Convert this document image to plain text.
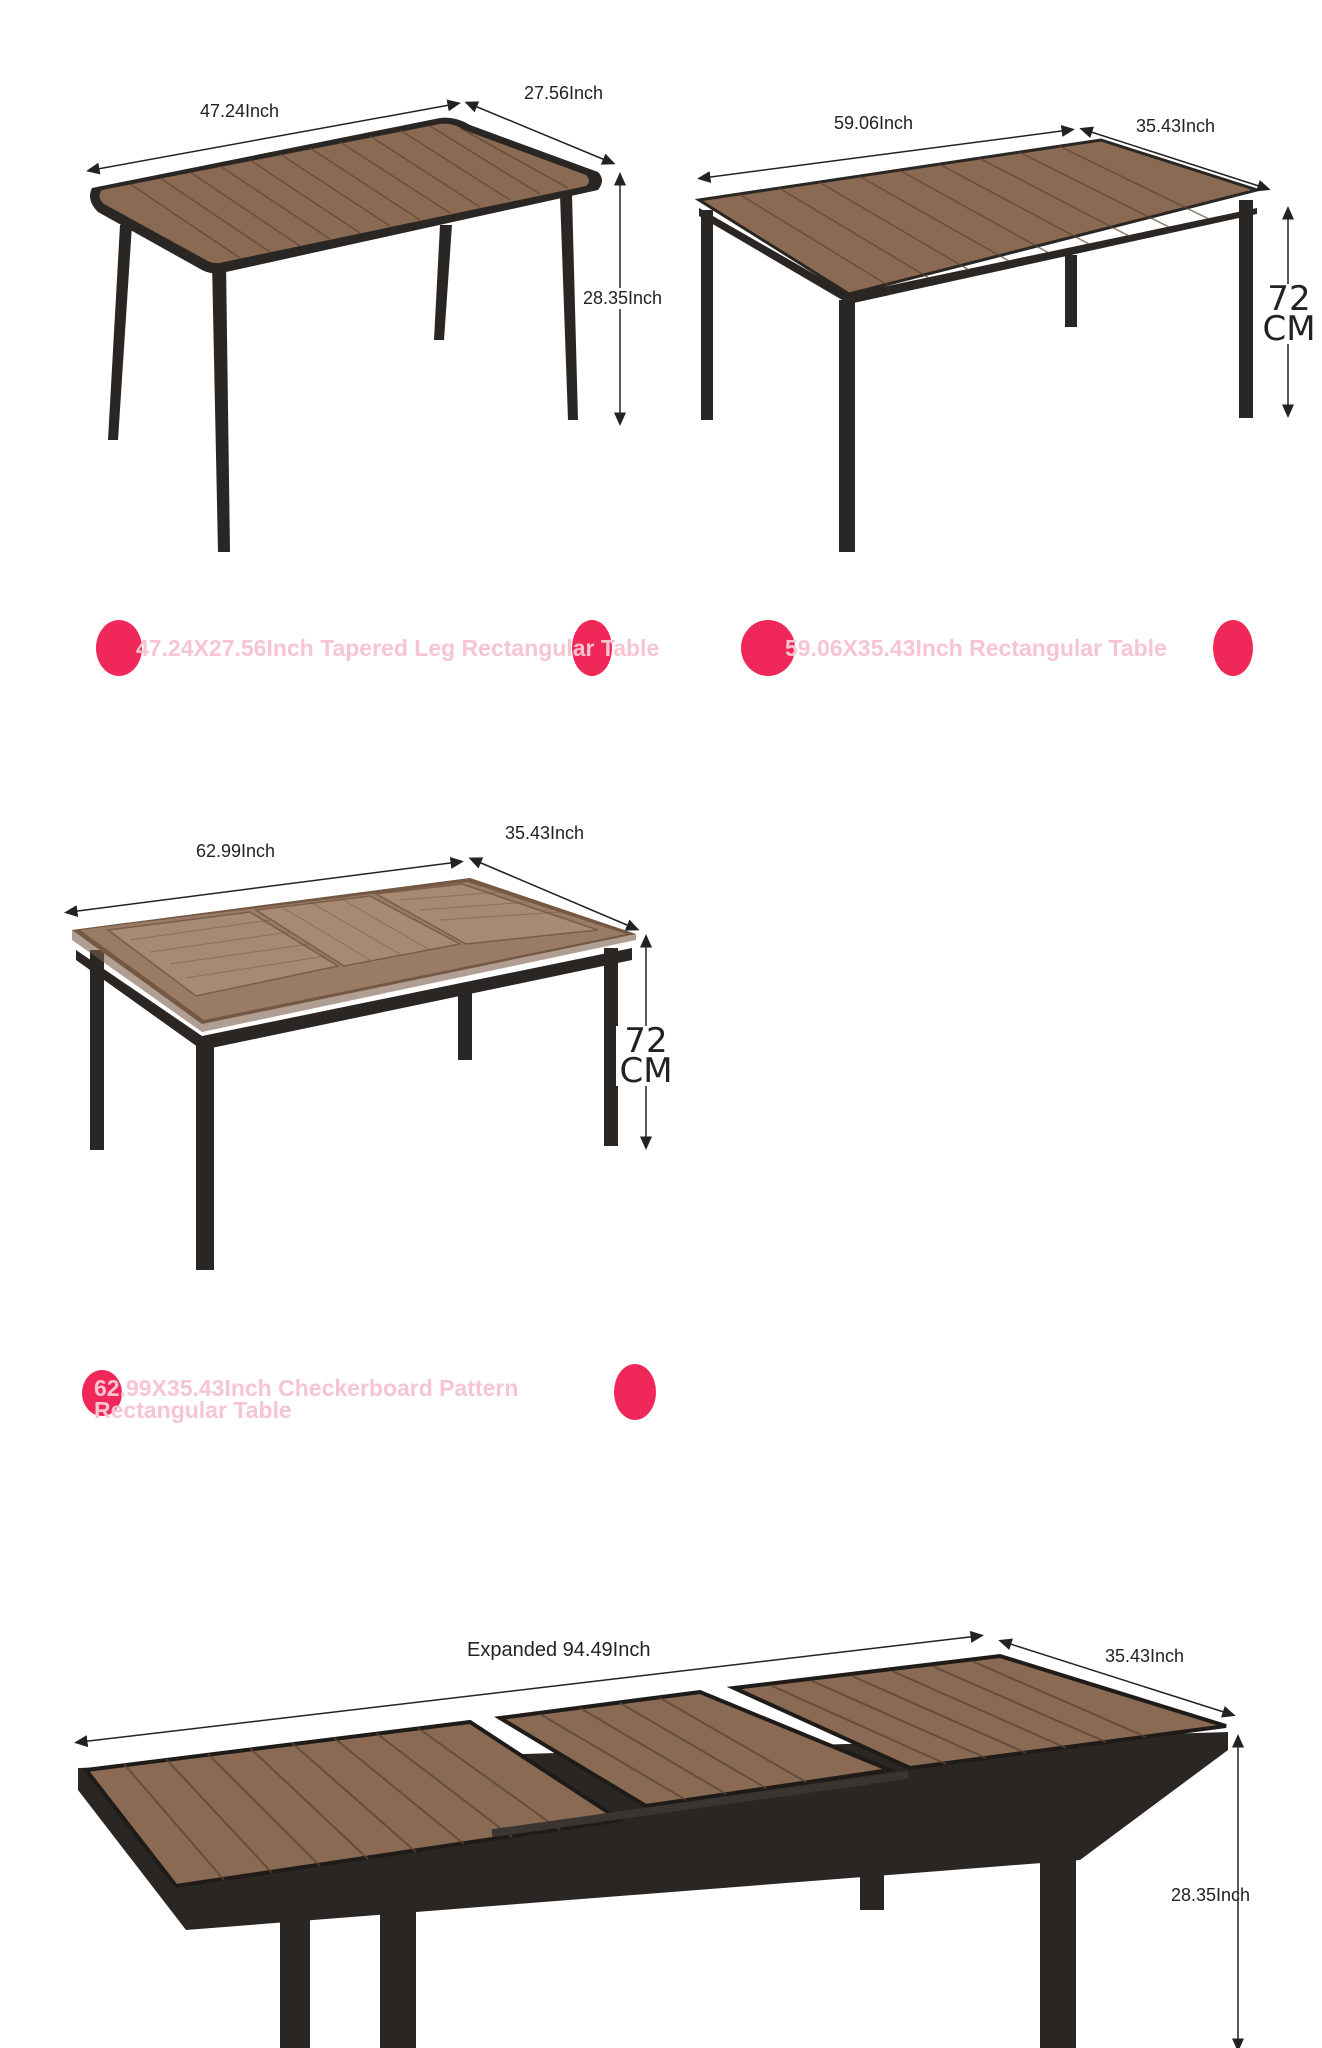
47.24Inch
27.56Inch
28.35Inch
47.24X27.56Inch Tapered Leg Rectangular Table
59.06Inch	35.43Inch
72
CM
59.06X35.43Inch Rectangular Table
62.99Inch
35.43Inch
72
CM
62.99X35.43Inch Checkerboard Pattern
Rectangular Table
Expanded 94.49Inch	35.43Inch
28.35Inch
